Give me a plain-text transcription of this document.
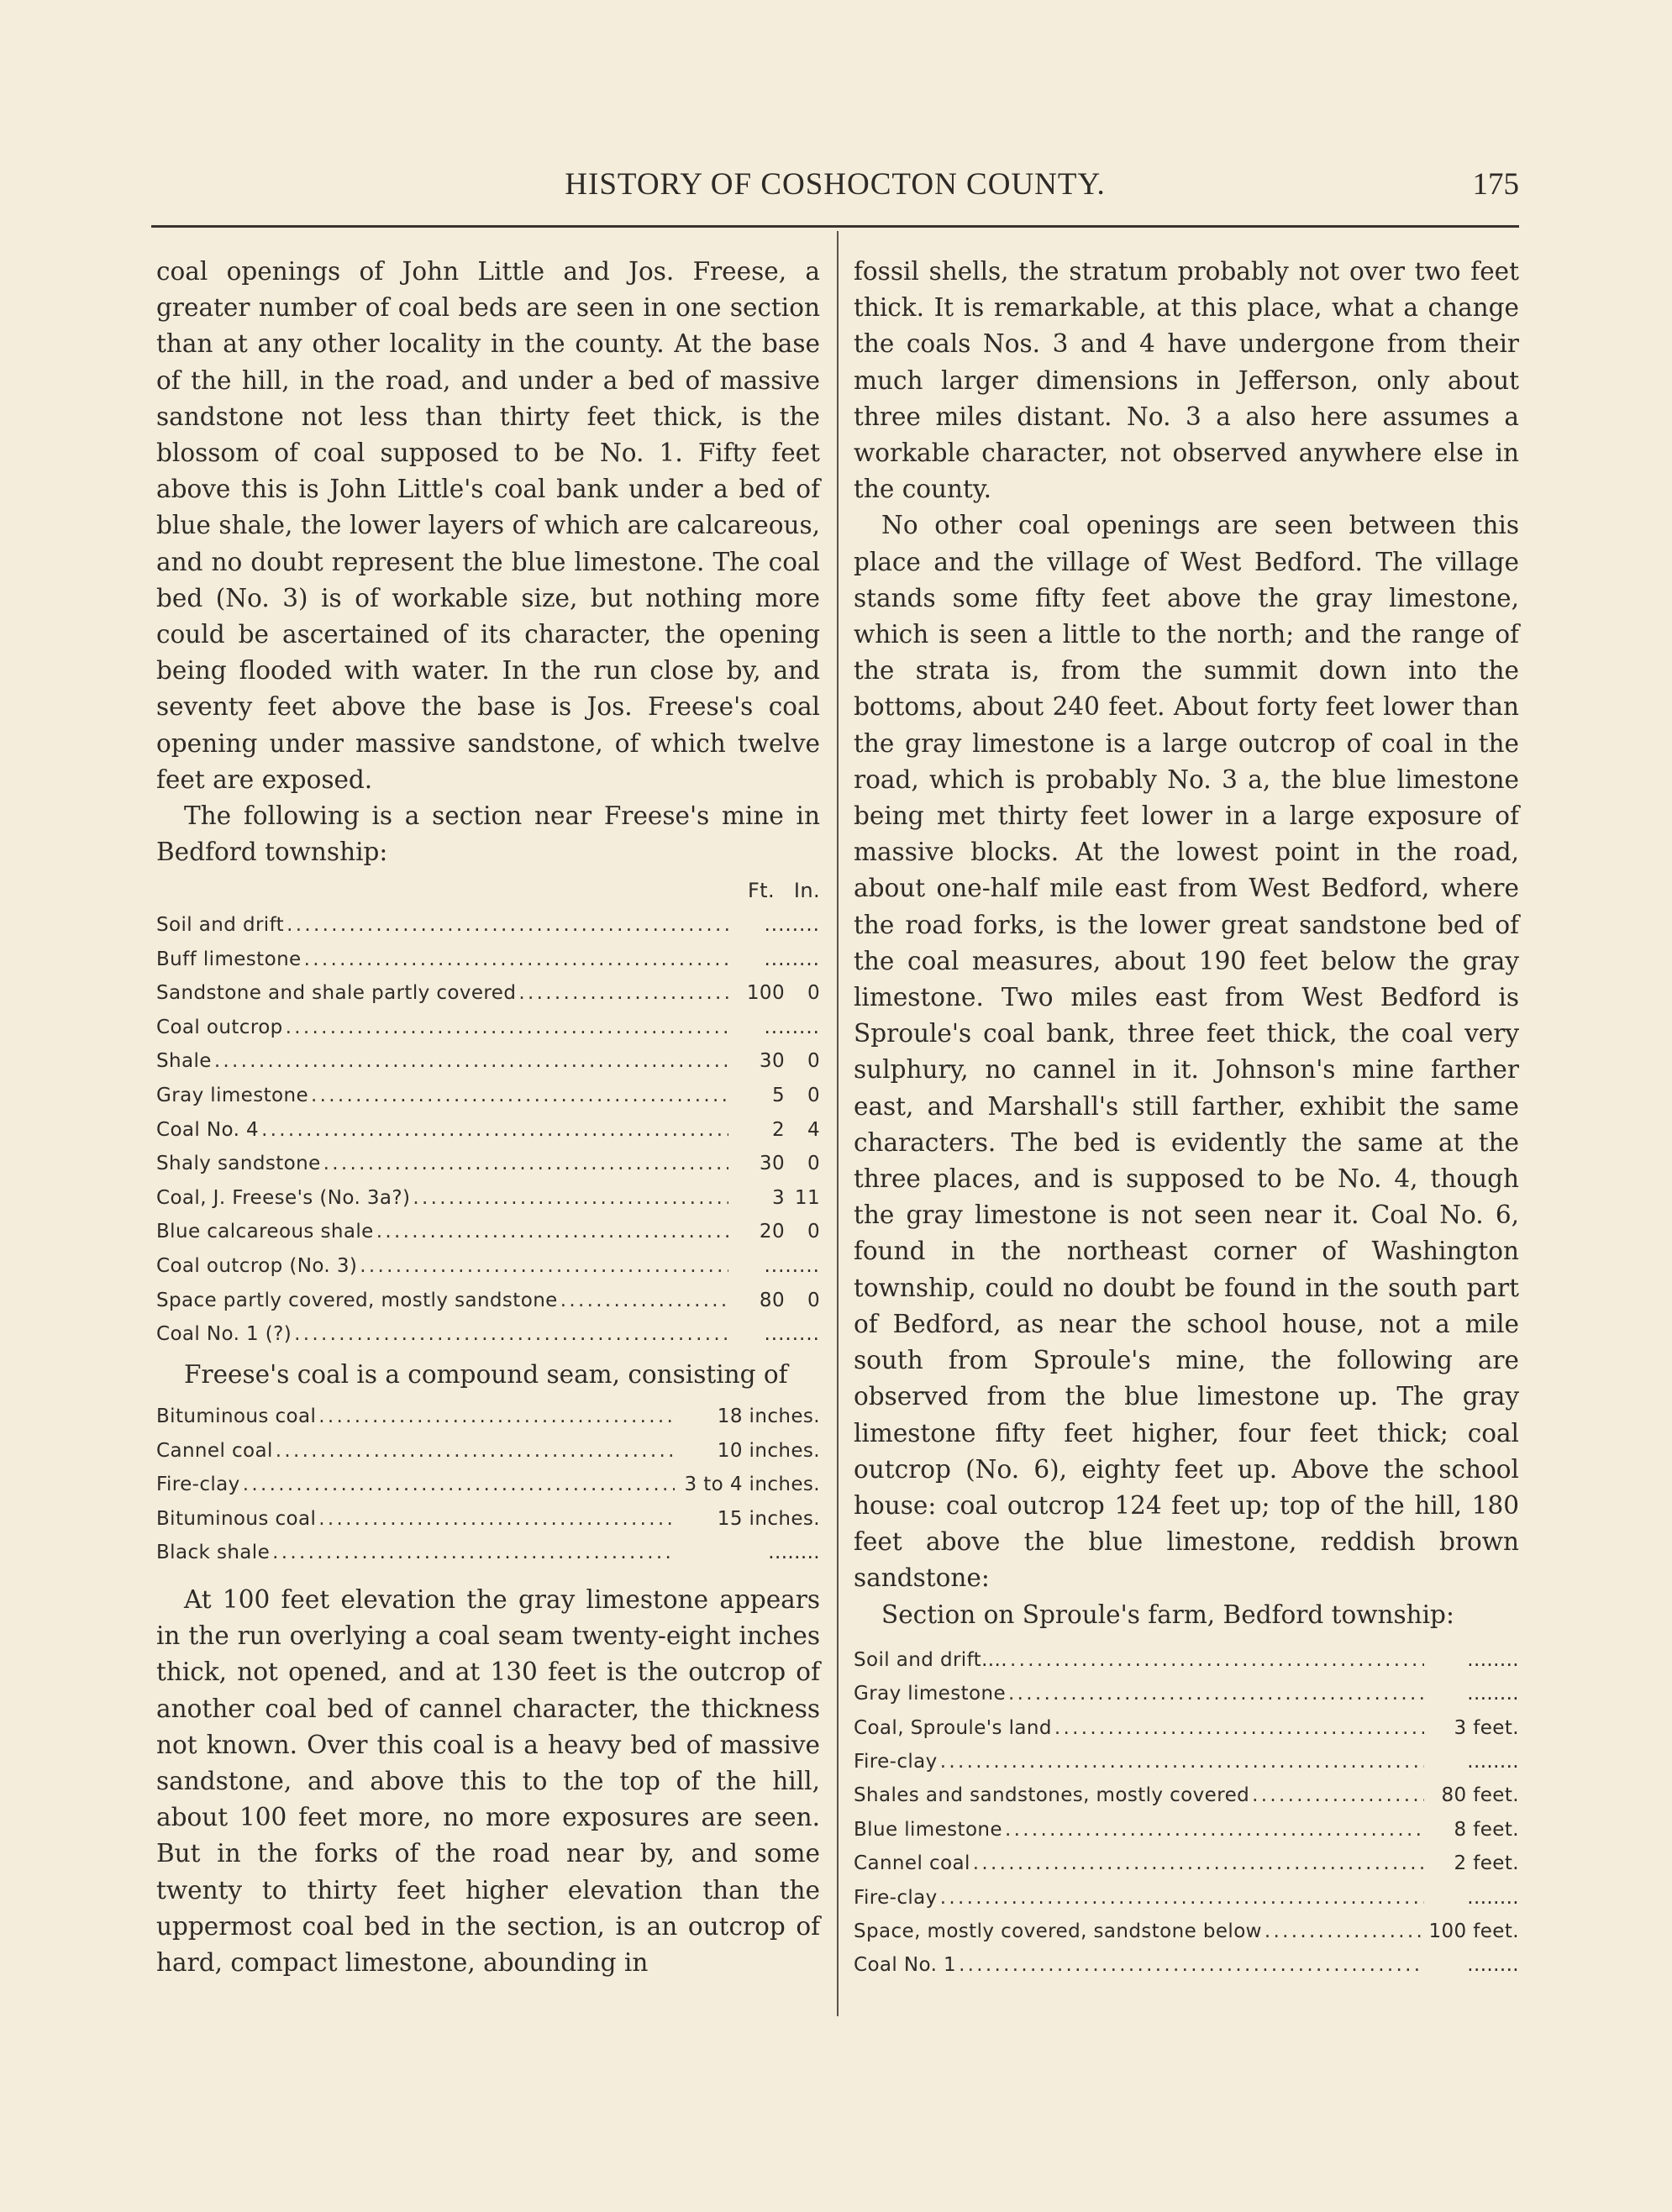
HISTORY OF COSHOCTON COUNTY.	175

coal openings of John Little and Jos. Freese, a greater number of coal beds are seen in one section than at any other locality in the county. At the base of the hill, in the road, and under a bed of massive sandstone not less than thirty feet thick, is the blossom of coal supposed to be No. 1. Fifty feet above this is John Little's coal bank under a bed of blue shale, the lower layers of which are calcareous, and no doubt represent the blue limestone. The coal bed (No. 3) is of workable size, but nothing more could be ascertained of its character, the opening being flooded with water. In the run close by, and seventy feet above the base is Jos. Freese's coal opening under massive sandstone, of which twelve feet are exposed.

The following is a section near Freese's mine in Bedford township:

Ft. In.
Soil and drift . . .	........
Buff limestone . . .	........
Sandstone and shale partly covered . . .	100	0
Coal outcrop . . .	........
Shale . . .	30	0
Gray limestone . . .	5	0
Coal No. 4 . . .	2	4
Shaly sandstone . . .	30	0
Coal, J. Freese's (No. 3a?) . . .	3 11
Blue calcareous shale . . .	20	0
Coal outcrop (No. 3) . . .	........
Space partly covered, mostly sandstone . . .	80	0
Coal No. 1 (?) . . .	........

Freese's coal is a compound seam, consisting of

Bituminous coal . . .	18 inches.
Cannel coal . . .	10 inches.
Fire-clay . . .	3 to 4 inches.
Bituminous coal . . .	15 inches.
Black shale . . .	........

At 100 feet elevation the gray limestone appears in the run overlying a coal seam twenty-eight inches thick, not opened, and at 130 feet is the outcrop of another coal bed of cannel character, the thickness not known. Over this coal is a heavy bed of massive sandstone, and above this to the top of the hill, about 100 feet more, no more exposures are seen. But in the forks of the road near by, and some twenty to thirty feet higher elevation than the uppermost coal bed in the section, is an outcrop of hard, compact limestone, abounding in

fossil shells, the stratum probably not over two feet thick. It is remarkable, at this place, what a change the coals Nos. 3 and 4 have undergone from their much larger dimensions in Jefferson, only about three miles distant. No. 3 a also here assumes a workable character, not observed anywhere else in the county.

No other coal openings are seen between this place and the village of West Bedford. The village stands some fifty feet above the gray limestone, which is seen a little to the north; and the range of the strata is, from the summit down into the bottoms, about 240 feet. About forty feet lower than the gray limestone is a large outcrop of coal in the road, which is probably No. 3 a, the blue limestone being met thirty feet lower in a large exposure of massive blocks. At the lowest point in the road, about one-half mile east from West Bedford, where the road forks, is the lower great sandstone bed of the coal measures, about 190 feet below the gray limestone. Two miles east from West Bedford is Sproule's coal bank, three feet thick, the coal very sulphury, no cannel in it. Johnson's mine farther east, and Marshall's still farther, exhibit the same characters. The bed is evidently the same at the three places, and is supposed to be No. 4, though the gray limestone is not seen near it. Coal No. 6, found in the northeast corner of Washington township, could no doubt be found in the south part of Bedford, as near the school house, not a mile south from Sproule's mine, the following are observed from the blue limestone up. The gray limestone fifty feet higher, four feet thick; coal outcrop (No. 6), eighty feet up. Above the school house: coal outcrop 124 feet up; top of the hill, 180 feet above the blue limestone, reddish brown sandstone:

Section on Sproule's farm, Bedford township:

Soil and drift.... . . .	........
Gray limestone . . .	........
Coal, Sproule's land . . .	3 feet.
Fire-clay . . .	........
Shales and sandstones, mostly covered . . .	80 feet.
Blue limestone . . .	8 feet.
Cannel coal . . .	2 feet.
Fire-clay . . .	........
Space, mostly covered, sandstone below . . .	100 feet.
Coal No. 1 . . .	........
